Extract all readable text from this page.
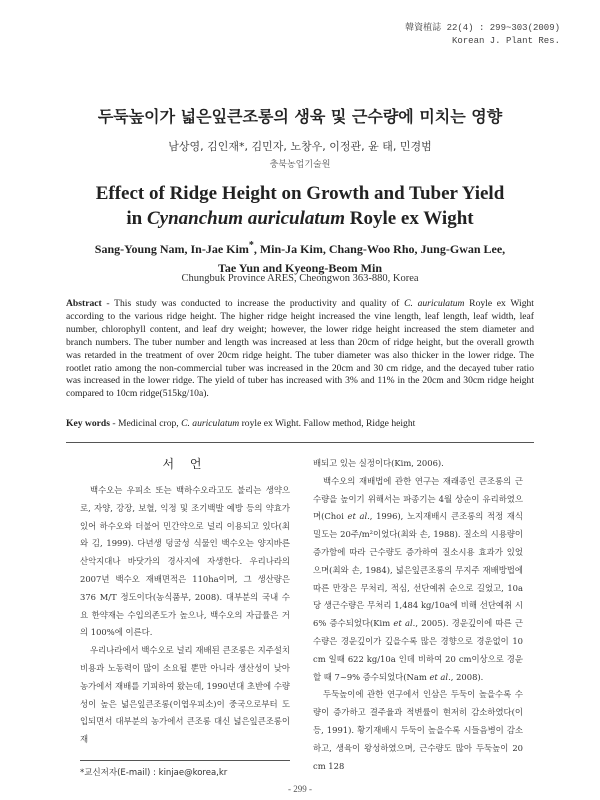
韓資植誌 22(4) : 299~303(2009)
Korean J. Plant Res.
두둑높이가 넓은잎큰조롱의 생육 및 근수량에 미치는 영향
남상영, 김인재*, 김민자, 노창우, 이정관, 윤 태, 민경범
충북농업기술원
Effect of Ridge Height on Growth and Tuber Yield
in Cynanchum auriculatum Royle ex Wight
Sang-Young Nam, In-Jae Kim*, Min-Ja Kim, Chang-Woo Rho, Jung-Gwan Lee,
Tae Yun and Kyeong-Beom Min
Chungbuk Province ARES, Cheongwon 363-880, Korea

Abstract - This study was conducted to increase the productivity and quality of C. auriculatum Royle ex Wight according to the various ridge height. The higher ridge height increased the vine length, leaf length, leaf width, leaf number, chlorophyll content, and leaf dry weight; however, the lower ridge height increased the stem diameter and branch numbers. The tuber number and length was increased at less than 20cm of ridge height, but the overall growth was retarded in the treatment of over 20cm ridge height. The tuber diameter was also thicker in the lower ridge. The rootlet ratio among the non-commercial tuber was increased in the 20cm and 30 cm ridge, and the decayed tuber ratio was increased in the lower ridge. The yield of tuber has increased with 3% and 11% in the 20cm and 30cm ridge height compared to 10cm ridge(515kg/10a).

Key words - Medicinal crop, C. auriculatum royle ex Wight. Fallow method, Ridge height

서 언

백수오는 우피소 또는 백하수오라고도 불리는 생약으로, 자양, 강장, 보혈, 익정 및 조기백발 예방 등의 약효가 있어 하수오와 더불어 민간약으로 널리 이용되고 있다(최와 김, 1999). 다년생 덩굴성 식물인 백수오는 양지바른 산악지대나 바닷가의 경사지에 자생한다. 우리나라의 2007년 백수오 재배면적은 110ha이며, 그 생산량은 376 M/T 정도이다(농식품부, 2008). 대부분의 국내 수요 한약재는 수입의존도가 높으나, 백수오의 자급률은 거의 100%에 이른다.

우리나라에서 백수오로 널리 재배된 큰조롱은 지주설치비용과 노동력이 많이 소요될 뿐만 아니라 생산성이 낮아 농가에서 재배를 기피하여 왔는데, 1990년대 초반에 수량성이 높은 넓은잎큰조롱(이엽우피소)이 중국으로부터 도입되면서 대부분의 농가에서 큰조롱 대신 넓은잎큰조롱이 재

배되고 있는 실정이다(Kim, 2006).

백수오의 재배법에 관한 연구는 재래종인 큰조롱의 근수량을 높이기 위해서는 파종기는 4월 상순이 유리하였으며(Choi et al., 1996), 노지재배시 큰조롱의 적정 재식밀도는 20주/m²이었다(최와 손, 1988). 질소의 시용량이 증가함에 따라 근수량도 증가하여 질소시용 효과가 있었으며(최와 손, 1984), 넓은잎큰조롱의 무지주 재배방법에 따른 만장은 무처리, 적심, 선단예취 순으로 길었고, 10a당 생근수량은 무처리 1,484 kg/10a에 비해 선단예취 시 6% 증수되었다(Kim et al., 2005). 경운깊이에 따른 근수량은 경운깊이가 깊을수록 많은 경향으로 경운없이 10 cm 일때 622 kg/10a 인데 비하여 20 cm이상으로 경운할 때 7~9% 증수되었다(Nam et al., 2008).

두둑높이에 관한 연구에서 인삼은 두둑이 높을수록 수량이 증가하고 결주율과 적변률이 현저히 감소하였다(이 등, 1991). 황기재배시 두둑이 높을수록 시들음병이 감소하고, 생육이 왕성하였으며, 근수량도 많아 두둑높이 20 cm 128

*교신저자(E-mail) : kinjae@korea,kr
- 299 -
